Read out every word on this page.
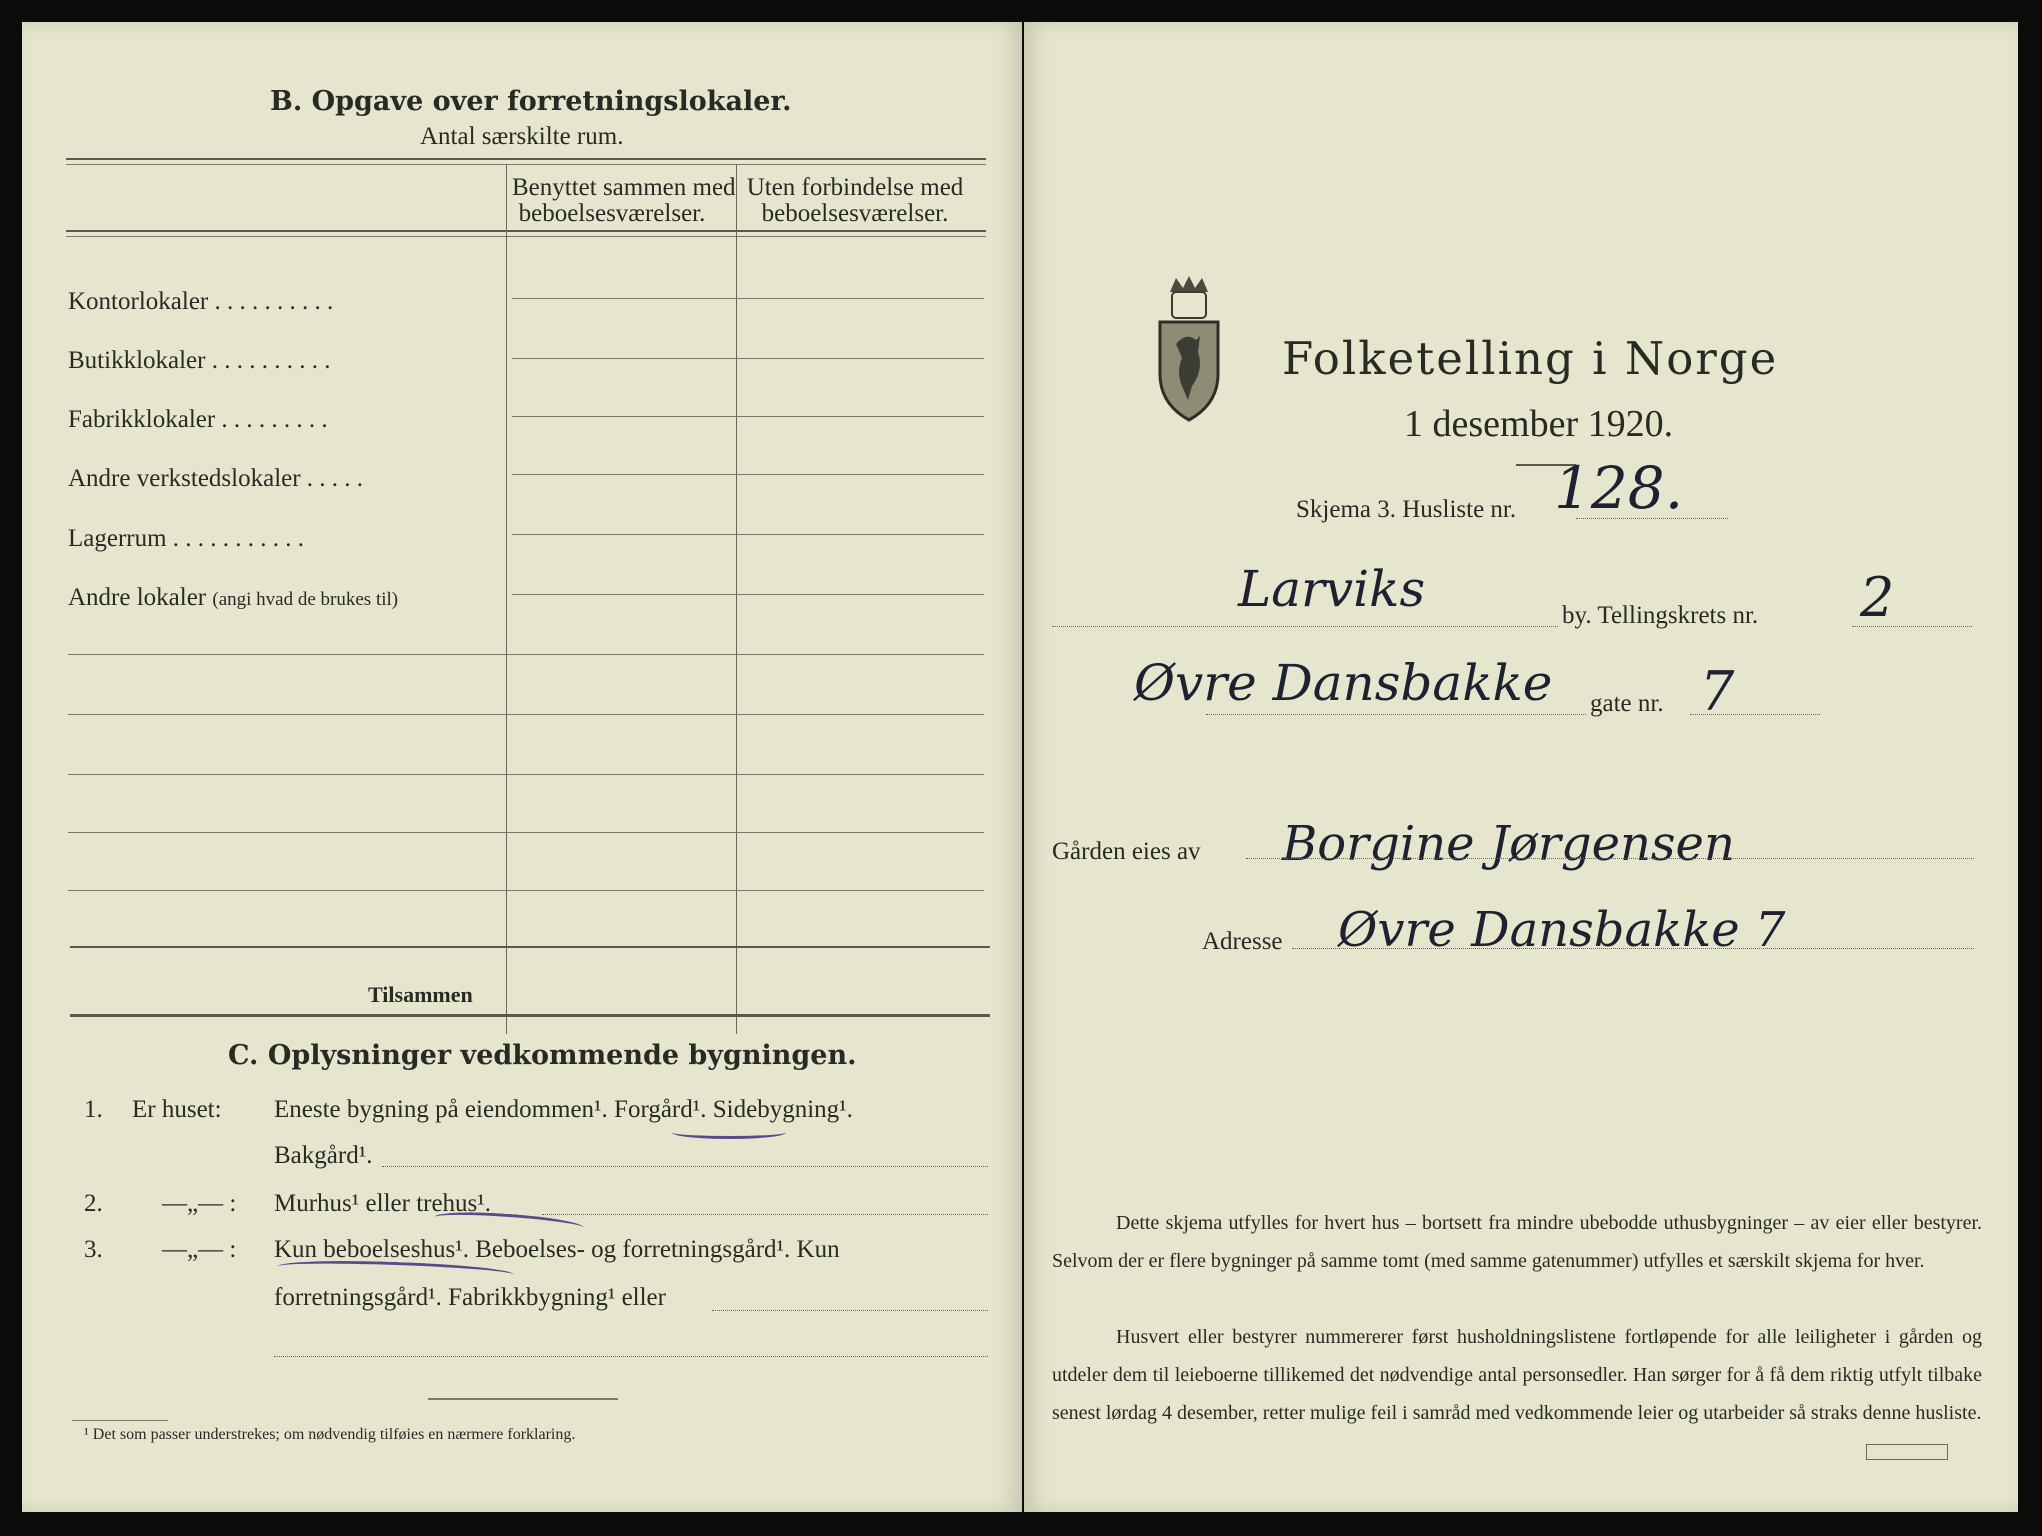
B. Opgave over forretningslokaler.
Antal særskilte rum.
Benyttet sammen med
beboelsesværelser.
Uten forbindelse med
beboelsesværelser.
Kontorlokaler . . . . . . . . . .
Butikklokaler . . . . . . . . . .
Fabrikklokaler . . . . . . . . .
Andre verkstedslokaler . . . . .
Lagerrum . . . . . . . . . . .
Andre lokaler (angi hvad de brukes til)
Tilsammen
C. Oplysninger vedkommende bygningen.
1. Er huset: Eneste bygning på eiendommen¹. Forgård¹. Sidebygning¹.
Bakgård¹.
2. —„— : Murhus¹ eller trehus¹.
3. —„— : Kun beboelseshus¹. Beboelses- og forretningsgård¹. Kun
forretningsgård¹. Fabrikkbygning¹ eller
¹ Det som passer understrekes; om nødvendig tilføies en nærmere forklaring.
Folketelling i Norge
1 desember 1920.
Skjema 3. Husliste nr. 128.
Larviks	by. Tellingskrets nr. 2
Øvre Dansbakke gate nr. 7
Gården eies av Borgine Jørgensen
Adresse Øvre Dansbakke 7
Dette skjema utfylles for hvert hus – bortsett fra mindre ubebodde uthusbygninger – av eier eller bestyrer. Selvom der er flere bygninger på samme tomt (med samme gatenummer) utfylles et særskilt skjema for hver.
Husvert eller bestyrer nummererer først husholdningslistene fortløpende for alle leiligheter i gården og utdeler dem til leieboerne tillikemed det nødvendige antal personsedler. Han sørger for å få dem riktig utfylt tilbake senest lørdag 4 desember, retter mulige feil i samråd med vedkommende leier og utarbeider så straks denne husliste.
